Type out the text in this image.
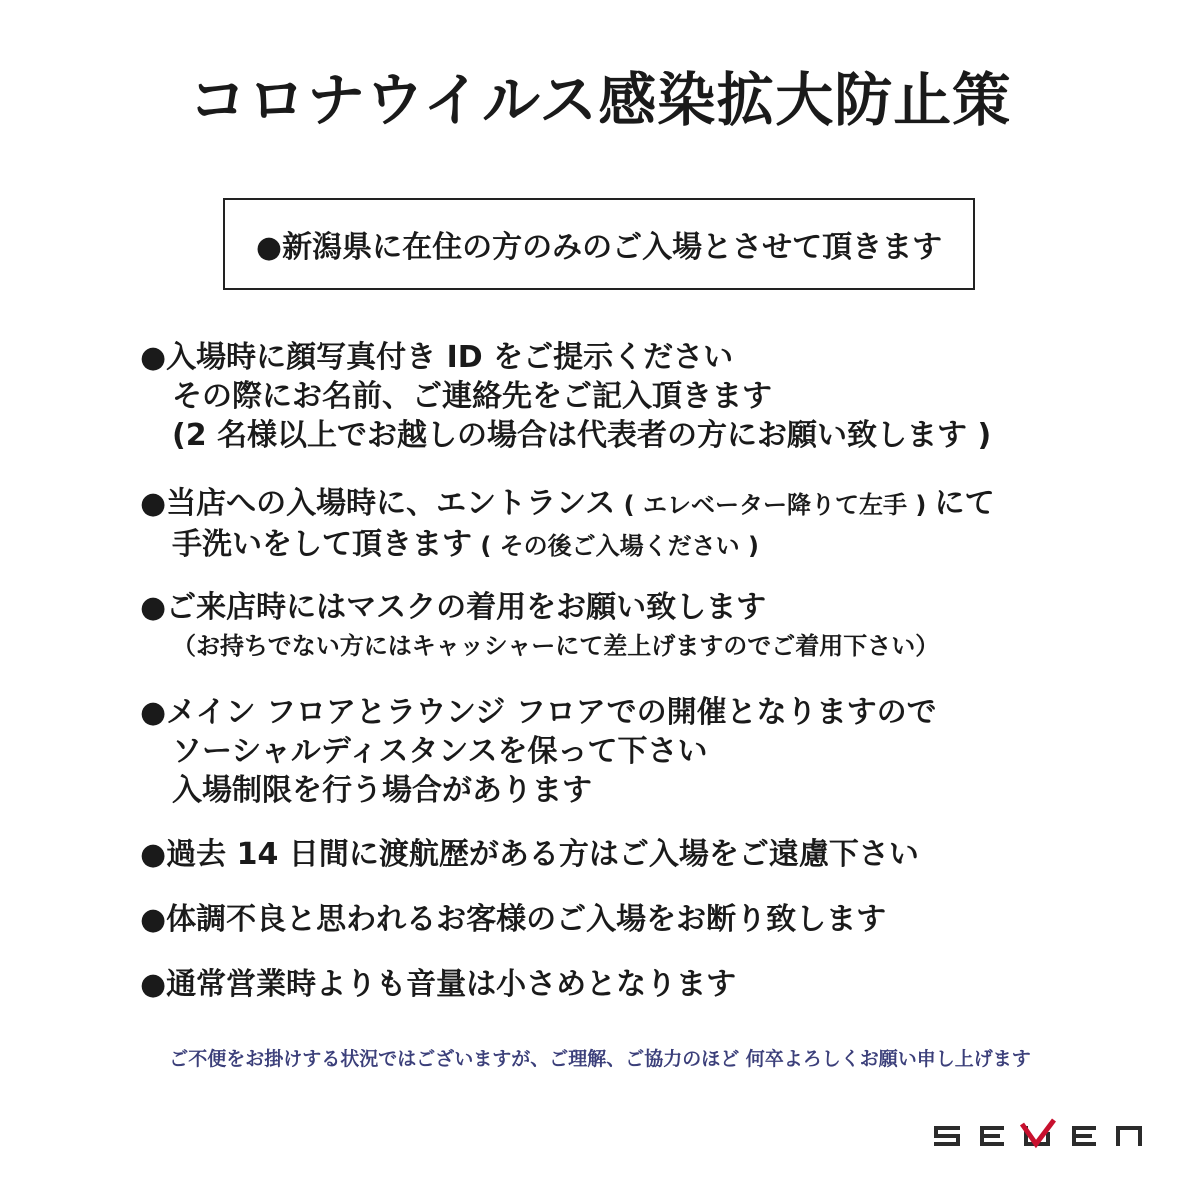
コロナウイルス感染拡大防止策
●新潟県に在住の方のみのご入場とさせて頂きます
●入場時に顔写真付き ID をご提示ください
その際にお名前、ご連絡先をご記入頂きます
(2 名様以上でお越しの場合は代表者の方にお願い致します )
●当店への入場時に、エントランス ( エレベーター降りて左手 ) にて
手洗いをして頂きます ( その後ご入場ください )
●ご来店時にはマスクの着用をお願い致します
（お持ちでない方にはキャッシャーにて差上げますのでご着用下さい）
●メイン フロアとラウンジ フロアでの開催となりますので
ソーシャルディスタンスを保って下さい
入場制限を行う場合があります
●過去 14 日間に渡航歴がある方はご入場をご遠慮下さい
●体調不良と思われるお客様のご入場をお断り致します
●通常営業時よりも音量は小さめとなります
ご不便をお掛けする状況ではございますが、ご理解、ご協力のほど 何卒よろしくお願い申し上げます
SEVEN
